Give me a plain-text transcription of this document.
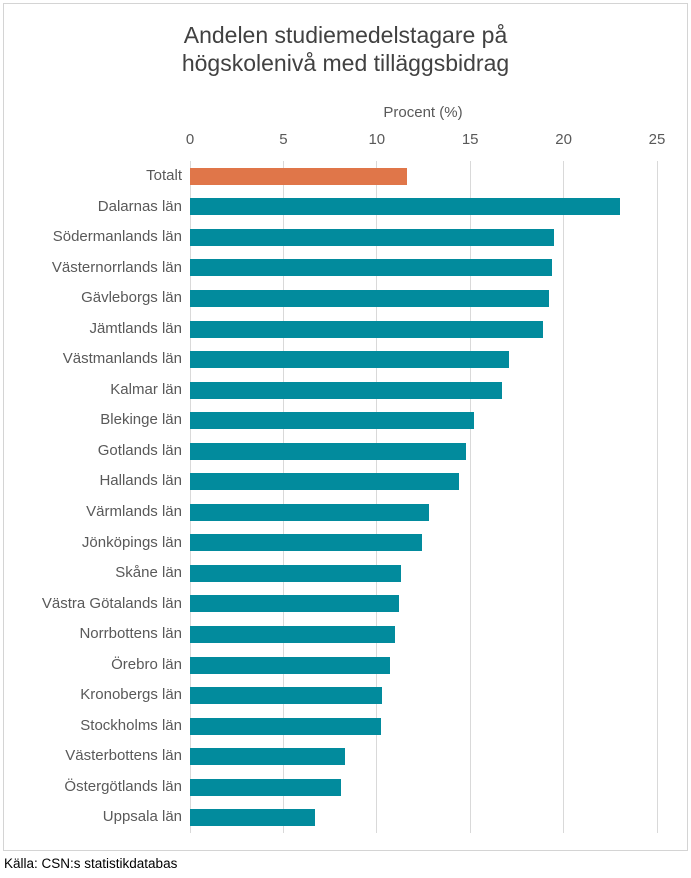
Andelen studiemedelstagare på högskolenivå med tilläggsbidrag
Procent (%)
0	5	10	15	20	25
Totalt
Dalarnas län
Södermanlands län
Västernorrlands län
Gävleborgs län
Jämtlands län
Västmanlands län
Kalmar län
Blekinge län
Gotlands län
Hallands län
Värmlands län
Jönköpings län
Skåne län
Västra Götalands län
Norrbottens län
Örebro län
Kronobergs län
Stockholms län
Västerbottens län
Östergötlands län
Uppsala län
Källa: CSN:s statistikdatabas
